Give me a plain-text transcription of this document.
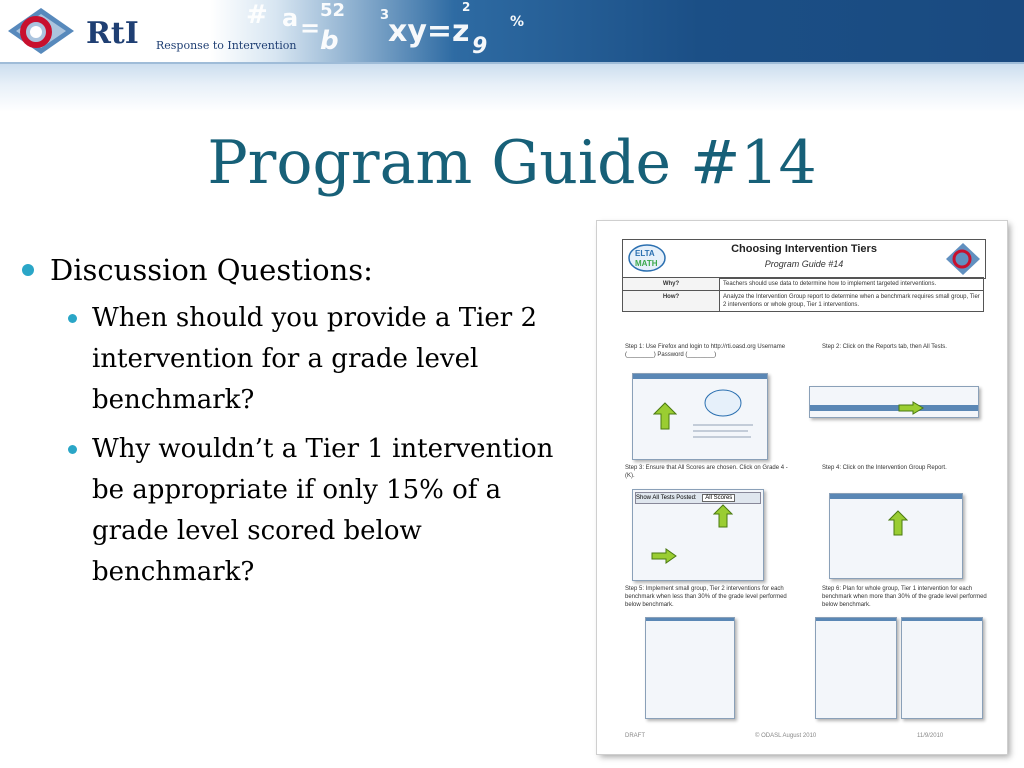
RtI Response to Intervention
# a = b
52	3
xy=z
2
9
%
Program Guide #14
Discussion Questions:
When should you provide a Tier 2 intervention for a grade level benchmark?
Why wouldn’t a Tier 1 intervention be appropriate if only 15% of a grade level scored below benchmark?
ELTA
MATH
Choosing Intervention Tiers
Program Guide #14
Why?	Teachers should use data to determine how to implement targeted interventions.
How?	Analyze the Intervention Group report to determine when a benchmark requires small group, Tier 2 interventions or whole group, Tier 1 interventions.
Step 1: Use Firefox and login to http://rti.oasd.org Username (________) Password (________)
Step 2: Click on the Reports tab, then All Tests.
Step 3: Ensure that All Scores are chosen. Click on Grade 4 - (K).
Step 4: Click on the Intervention Group Report.
Step 5: Implement small group, Tier 2 interventions for each benchmark when less than 30% of the grade level performed below benchmark.
Step 6: Plan for whole group, Tier 1 intervention for each benchmark when more than 30% of the grade level performed below benchmark.
Show All Tests Posted: All Scores
DRAFT	© ODASL August 2010	11/9/2010
